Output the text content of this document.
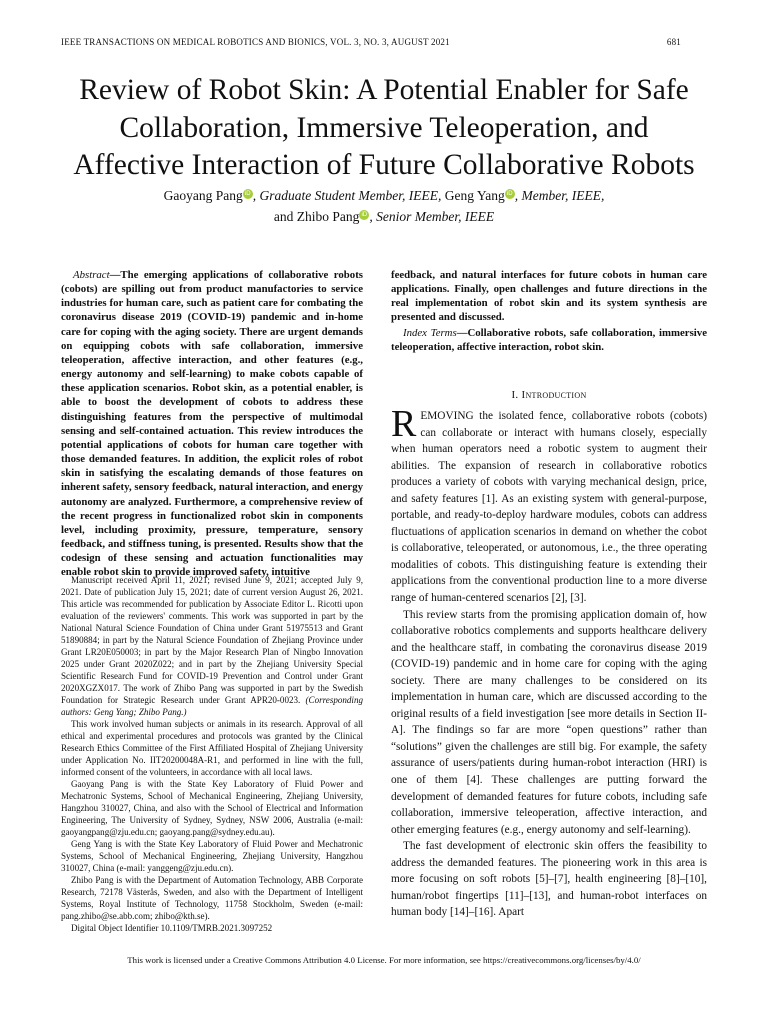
IEEE TRANSACTIONS ON MEDICAL ROBOTICS AND BIONICS, VOL. 3, NO. 3, AUGUST 2021	681
Review of Robot Skin: A Potential Enabler for Safe
Collaboration, Immersive Teleoperation, and
Affective Interaction of Future Collaborative Robots
Gaoyang Pang iD , Graduate Student Member, IEEE, Geng Yang iD , Member, IEEE,
and Zhibo Pang iD , Senior Member, IEEE
Abstract—The emerging applications of collaborative robots (cobots) are spilling out from product manufactories to service industries for human care, such as patient care for combating the coronavirus disease 2019 (COVID-19) pandemic and in-home care for coping with the aging society. There are urgent demands on equipping cobots with safe collaboration, immersive teleoperation, affective interaction, and other features (e.g., energy autonomy and self-learning) to make cobots capable of these application scenarios. Robot skin, as a potential enabler, is able to boost the development of cobots to address these distinguishing features from the perspective of multimodal sensing and self-contained actuation. This review introduces the potential applications of cobots for human care together with those demanded features. In addition, the explicit roles of robot skin in satisfying the escalating demands of those features on inherent safety, sensory feedback, natural interaction, and energy autonomy are analyzed. Furthermore, a comprehensive review of the recent progress in functionalized robot skin in components level, including proximity, pressure, temperature, sensory feedback, and stiffness tuning, is presented. Results show that the codesign of these sensing and actuation functionalities may enable robot skin to provide improved safety, intuitive

Manuscript received April 11, 2021; revised June 9, 2021; accepted July 9, 2021. Date of publication July 15, 2021; date of current version August 26, 2021. This article was recommended for publication by Associate Editor L. Ricotti upon evaluation of the reviewers' comments. This work was supported in part by the National Natural Science Foundation of China under Grant 51975513 and Grant 51890884; in part by the Natural Science Foundation of Zhejiang Province under Grant LR20E050003; in part by the Major Research Plan of Ningbo Innovation 2025 under Grant 2020Z022; and in part by the Zhejiang University Special Scientific Research Fund for COVID-19 Prevention and Control under Grant 2020XGZX017. The work of Zhibo Pang was supported in part by the Swedish Foundation for Strategic Research under Grant APR20-0023. (Corresponding authors: Geng Yang; Zhibo Pang.)

This work involved human subjects or animals in its research. Approval of all ethical and experimental procedures and protocols was granted by the Clinical Research Ethics Committee of the First Affiliated Hospital of Zhejiang University under Application No. IIT20200048A-R1, and performed in line with the full, informed consent of the volunteers, in accordance with all local laws.

Gaoyang Pang is with the State Key Laboratory of Fluid Power and Mechatronic Systems, School of Mechanical Engineering, Zhejiang University, Hangzhou 310027, China, and also with the School of Electrical and Information Engineering, The University of Sydney, Sydney, NSW 2006, Australia (e-mail: gaoyangpang@zju.edu.cn; gaoyang.pang@sydney.edu.au).

Geng Yang is with the State Key Laboratory of Fluid Power and Mechatronic Systems, School of Mechanical Engineering, Zhejiang University, Hangzhou 310027, China (e-mail: yanggeng@zju.edu.cn).

Zhibo Pang is with the Department of Automation Technology, ABB Corporate Research, 72178 Västerås, Sweden, and also with the Department of Intelligent Systems, Royal Institute of Technology, 11758 Stockholm, Sweden (e-mail: pang.zhibo@se.abb.com; zhibo@kth.se).

Digital Object Identifier 10.1109/TMRB.2021.3097252

feedback, and natural interfaces for future cobots in human care applications. Finally, open challenges and future directions in the real implementation of robot skin and its system synthesis are presented and discussed.
Index Terms—Collaborative robots, safe collaboration, immersive teleoperation, affective interaction, robot skin.
I. Introduction

REMOVING the isolated fence, collaborative robots (cobots) can collaborate or interact with humans closely, especially when human operators need a robotic system to augment their abilities. The expansion of research in collaborative robotics produces a variety of cobots with varying mechanical design, price, and safety features [1]. As an existing system with general-purpose, portable, and ready-to-deploy hardware modules, cobots can address fluctuations of application scenarios in demand on whether the cobot is collaborative, teleoperated, or autonomous, i.e., the three operating modalities of cobots. This distinguishing feature is extending their applications from the conventional production line to a more diverse range of human-centered scenarios [2], [3].

This review starts from the promising application domain of, how collaborative robotics complements and supports healthcare delivery and the healthcare staff, in combating the coronavirus disease 2019 (COVID-19) pandemic and in home care for coping with the aging society. There are many challenges to be considered on its implementation in human care, which are discussed according to the original results of a field investigation [see more details in Section II-A]. The findings so far are more “open questions” rather than “solutions” given the challenges are still big. For example, the safety assurance of users/patients during human-robot interaction (HRI) is one of them [4]. These challenges are putting forward the development of demanded features for future cobots, including safe collaboration, immersive teleoperation, affective interaction, and other emerging features (e.g., energy autonomy and self-learning).

The fast development of electronic skin offers the feasibility to address the demanded features. The pioneering work in this area is more focusing on soft robots [5]–[7], health engineering [8]–[10], human/robot fingertips [11]–[13], and human-robot interfaces on human body [14]–[16]. Apart

This work is licensed under a Creative Commons Attribution 4.0 License. For more information, see https://creativecommons.org/licenses/by/4.0/
